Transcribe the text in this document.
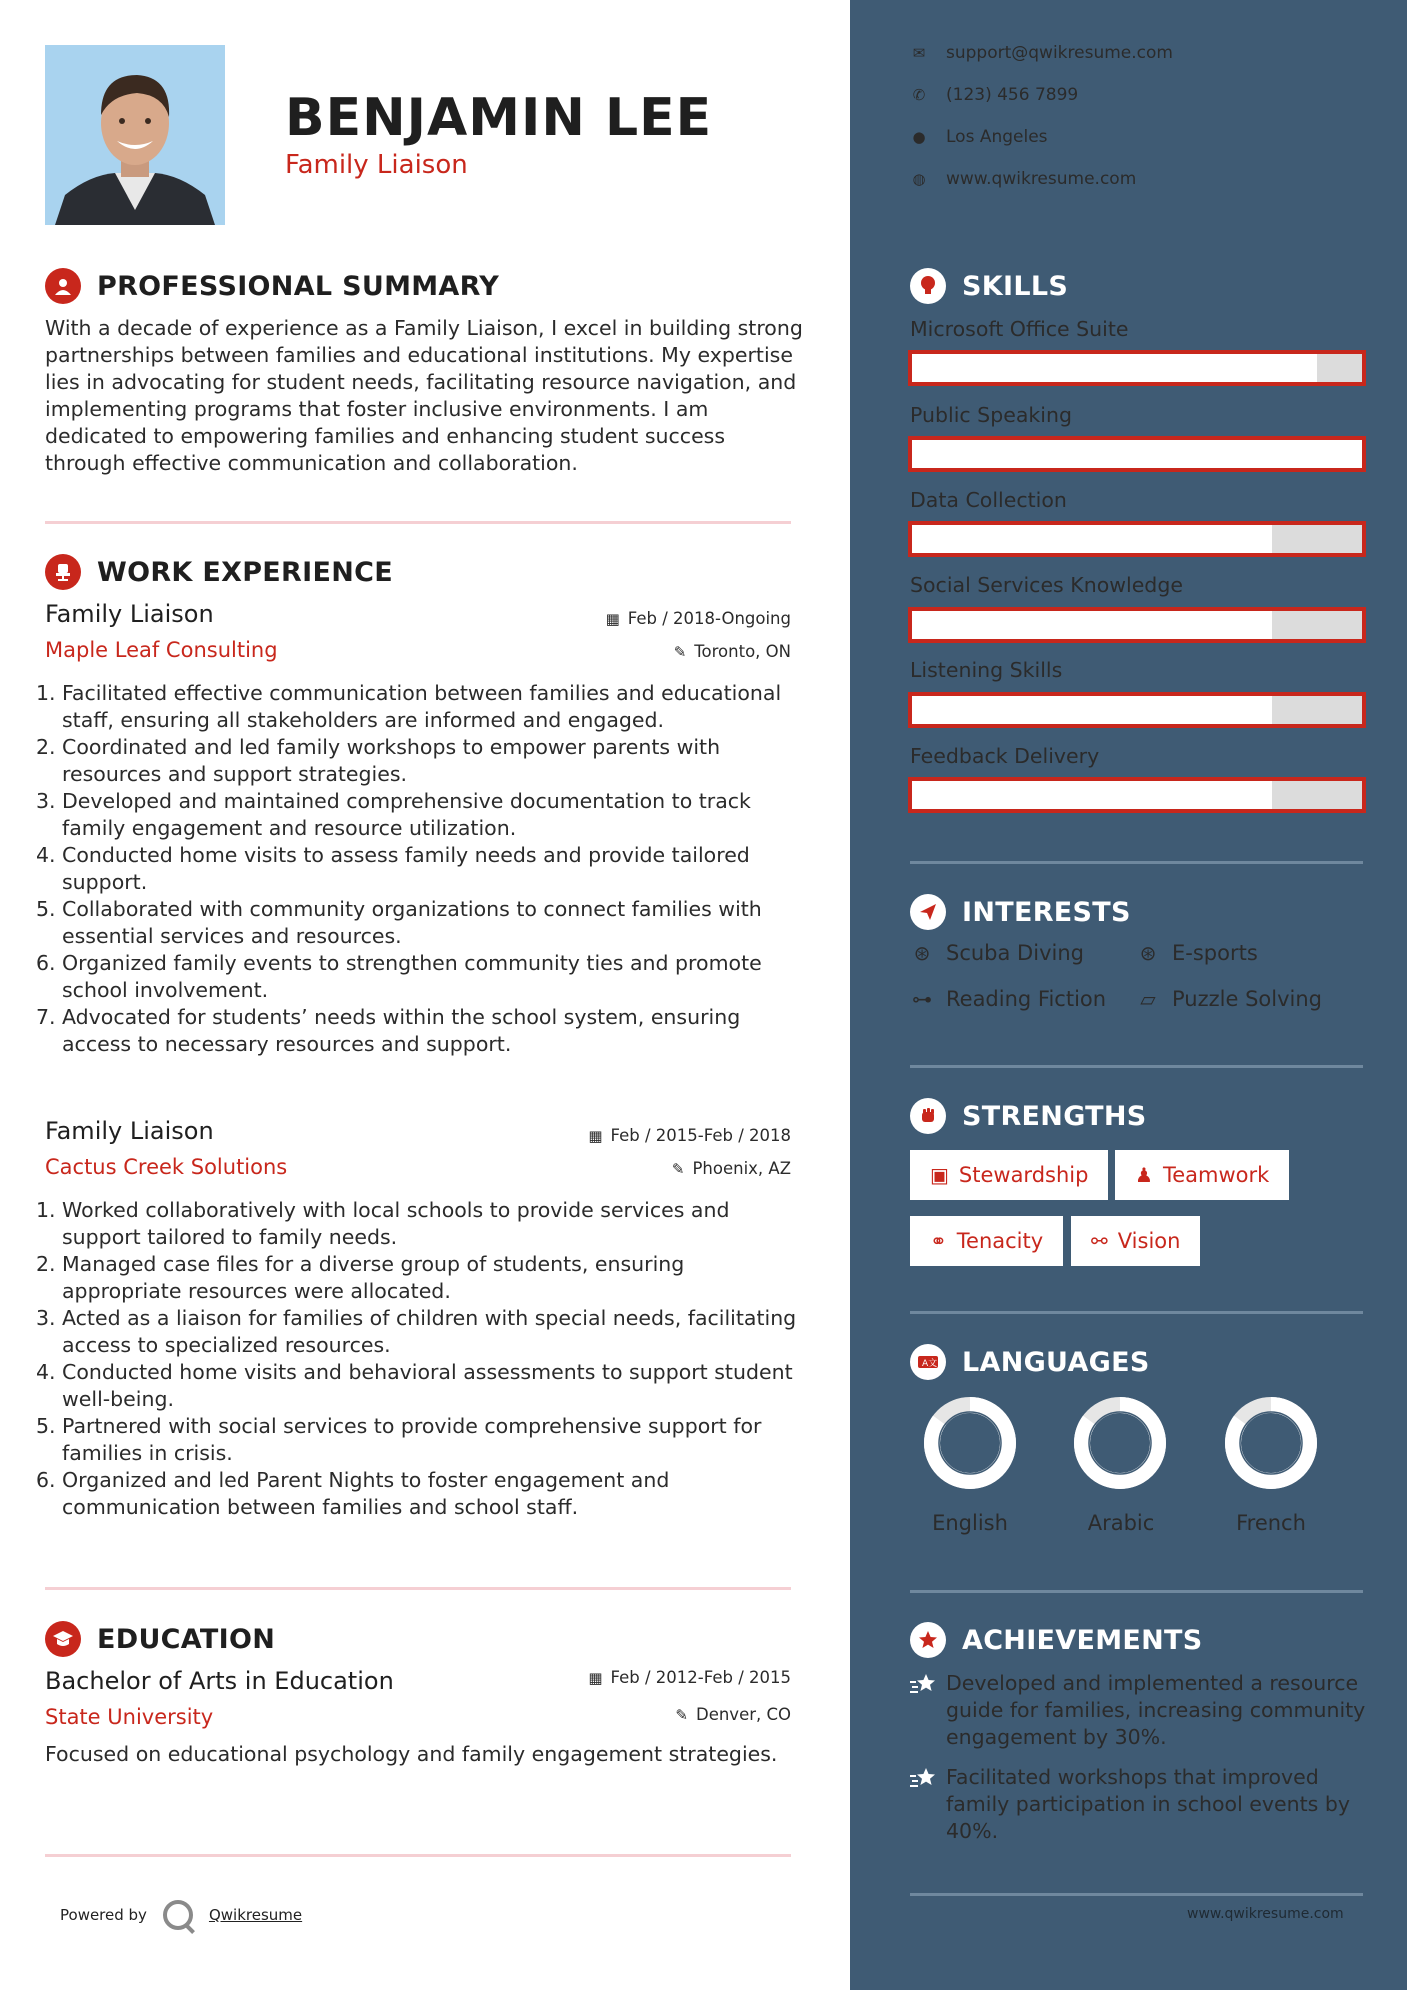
BENJAMIN LEE
Family Liaison
PROFESSIONAL SUMMARY
With a decade of experience as a Family Liaison, I excel in building strong partnerships between families and educational institutions. My expertise lies in advocating for student needs, facilitating resource navigation, and implementing programs that foster inclusive environments. I am dedicated to empowering families and enhancing student success through effective communication and collaboration.
WORK EXPERIENCE
Family Liaison	▦ Feb / 2018-Ongoing
Maple Leaf Consulting	✎ Toronto, ON
1. Facilitated effective communication between families and educational staff, ensuring all stakeholders are informed and engaged.
2. Coordinated and led family workshops to empower parents with resources and support strategies.
3. Developed and maintained comprehensive documentation to track family engagement and resource utilization.
4. Conducted home visits to assess family needs and provide tailored support.
5. Collaborated with community organizations to connect families with essential services and resources.
6. Organized family events to strengthen community ties and promote school involvement.
7. Advocated for students’ needs within the school system, ensuring access to necessary resources and support.
Family Liaison	▦ Feb / 2015-Feb / 2018
Cactus Creek Solutions	✎ Phoenix, AZ
1. Worked collaboratively with local schools to provide services and support tailored to family needs.
2. Managed case files for a diverse group of students, ensuring appropriate resources were allocated.
3. Acted as a liaison for families of children with special needs, facilitating access to specialized resources.
4. Conducted home visits and behavioral assessments to support student well-being.
5. Partnered with social services to provide comprehensive support for families in crisis.
6. Organized and led Parent Nights to foster engagement and communication between families and school staff.
EDUCATION
Bachelor of Arts in Education	▦ Feb / 2012-Feb / 2015
State University	✎ Denver, CO
Focused on educational psychology and family engagement strategies.
Powered by	Qwikresume
✉ support@qwikresume.com
✆ (123) 456 7899
● Los Angeles
◍ www.qwikresume.com
SKILLS
Microsoft Office Suite
Public Speaking
Data Collection
Social Services Knowledge
Listening Skills
Feedback Delivery
INTERESTS
⊛ Scuba Diving	⊛ E-sports
⊶ Reading Fiction ▱ Puzzle Solving
STRENGTHS
▣ Stewardship ♟ Teamwork
⚭ Tenacity ⚯ Vision
A文 LANGUAGES
English	Arabic	French
ACHIEVEMENTS
Developed and implemented a resource guide for families, increasing community engagement by 30%.
Facilitated workshops that improved family participation in school events by 40%.
www.qwikresume.com
